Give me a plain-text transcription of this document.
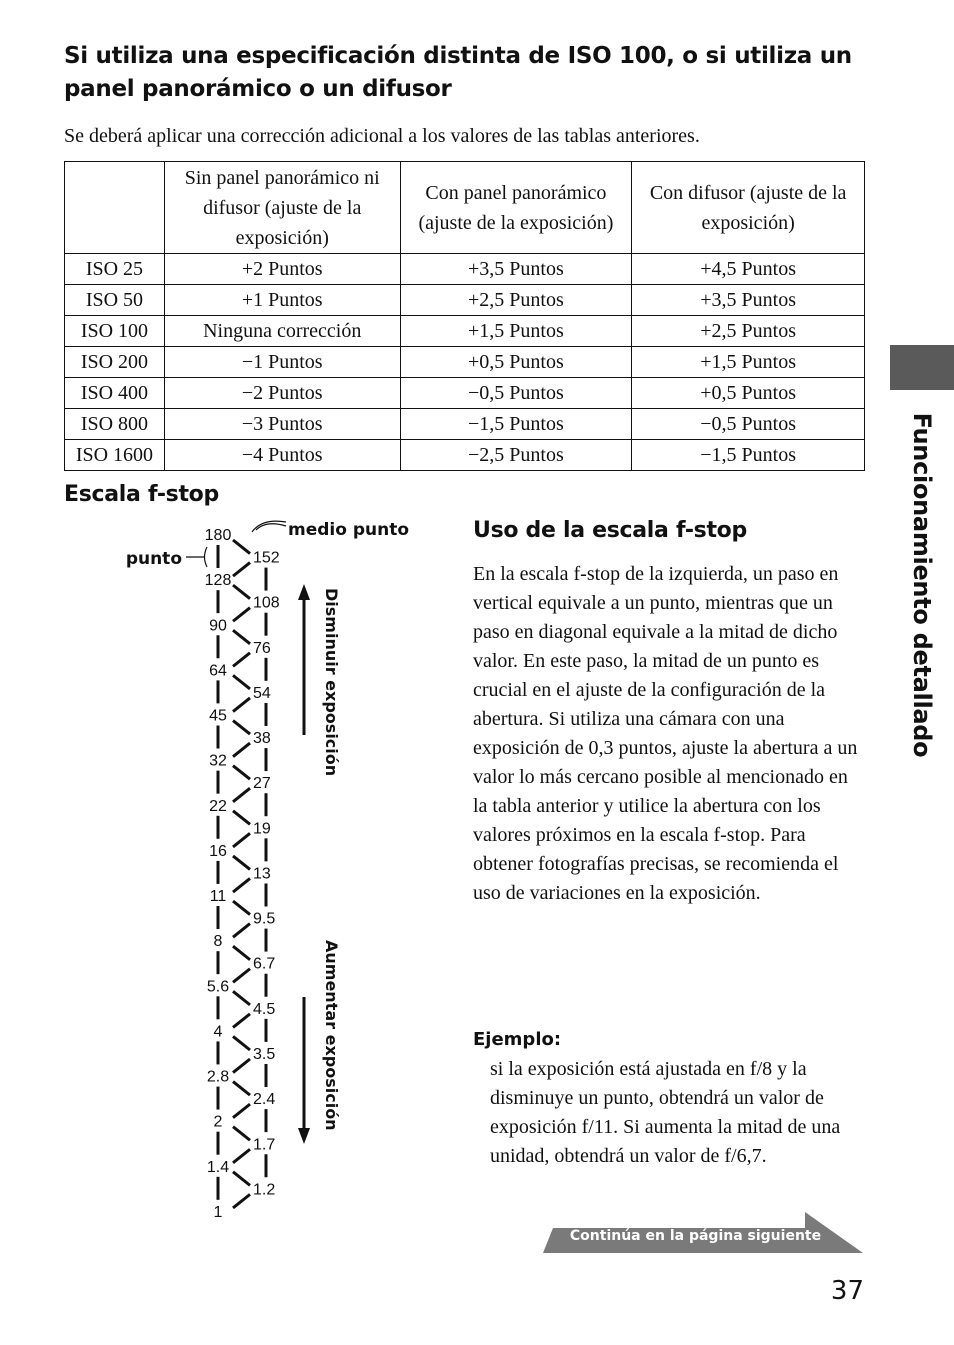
Si utiliza una especificación distinta de ISO 100, o si utiliza un panel panorámico o un difusor

Se deberá aplicar una corrección adicional a los valores de las tablas anteriores.

	Sin panel panorámico ni difusor (ajuste de la exposición)	Con panel panorámico (ajuste de la exposición)	Con difusor (ajuste de la exposición)
ISO 25	+2 Puntos	+3,5 Puntos	+4,5 Puntos
ISO 50	+1 Puntos	+2,5 Puntos	+3,5 Puntos
ISO 100	Ninguna corrección	+1,5 Puntos	+2,5 Puntos
ISO 200	−1 Puntos	+0,5 Puntos	+1,5 Puntos
ISO 400	−2 Puntos	−0,5 Puntos	+0,5 Puntos
ISO 800	−3 Puntos	−1,5 Puntos	−0,5 Puntos
ISO 1600	−4 Puntos	−2,5 Puntos	−1,5 Puntos	Funcionamiento detallado
Escala f-stop
180
128
90
64
45
32
22
16
11
8
5.6
4
2.8
2
1.4
1
152
108
76
54
38
27
19
13
9.5
6.7
4.5
3.5
2.4
1.7
1.2
medio punto
punto
Disminuir exposición
Aumentar exposición
Uso de la escala f-stop

En la escala f-stop de la izquierda, un paso en vertical equivale a un punto, mientras que un paso en diagonal equivale a la mitad de dicho valor. En este paso, la mitad de un punto es crucial en el ajuste de la configuración de la abertura. Si utiliza una cámara con una exposición de 0,3 puntos, ajuste la abertura a un valor lo más cercano posible al mencionado en la tabla anterior y utilice la abertura con los valores próximos en la escala f-stop. Para obtener fotografías precisas, se recomienda el uso de variaciones en la exposición.

Ejemplo:

si la exposición está ajustada en f/8 y la disminuye un punto, obtendrá un valor de exposición f/11. Si aumenta la mitad de una unidad, obtendrá un valor de f/6,7.

Continúa en la página siguiente
37
